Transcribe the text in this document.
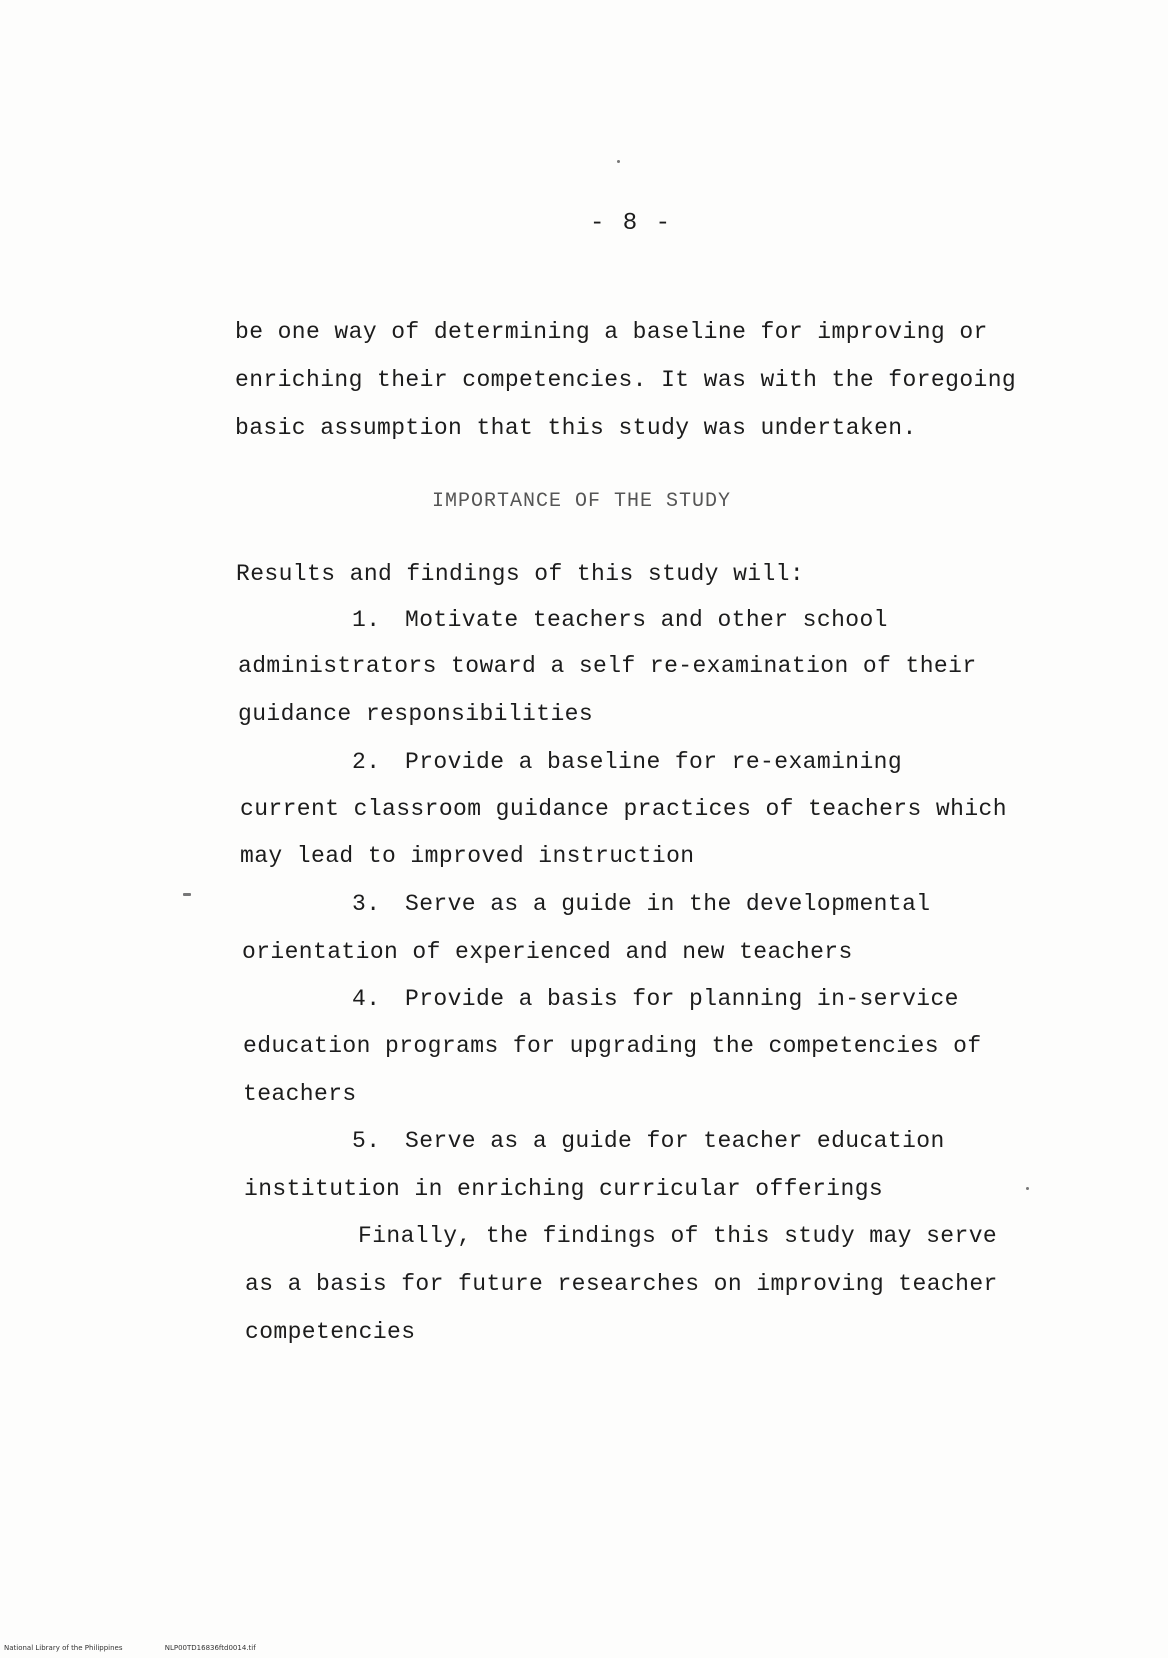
- 8 -
be one way of determining a baseline for improving or
enriching their competencies. It was with the foregoing
basic assumption that this study was undertaken.
IMPORTANCE OF THE STUDY
Results and findings of this study will:
1. Motivate teachers and other school
administrators toward a self re-examination of their
guidance responsibilities
2. Provide a baseline for re-examining
current classroom guidance practices of teachers which
may lead to improved instruction
3. Serve as a guide in the developmental
orientation of experienced and new teachers
4. Provide a basis for planning in-service
education programs for upgrading the competencies of
teachers
5. Serve as a guide for teacher education
institution in enriching curricular offerings
Finally, the findings of this study may serve
as a basis for future researches on improving teacher
competencies
National Library of the Philippines	NLP00TD16836ftd0014.tif
